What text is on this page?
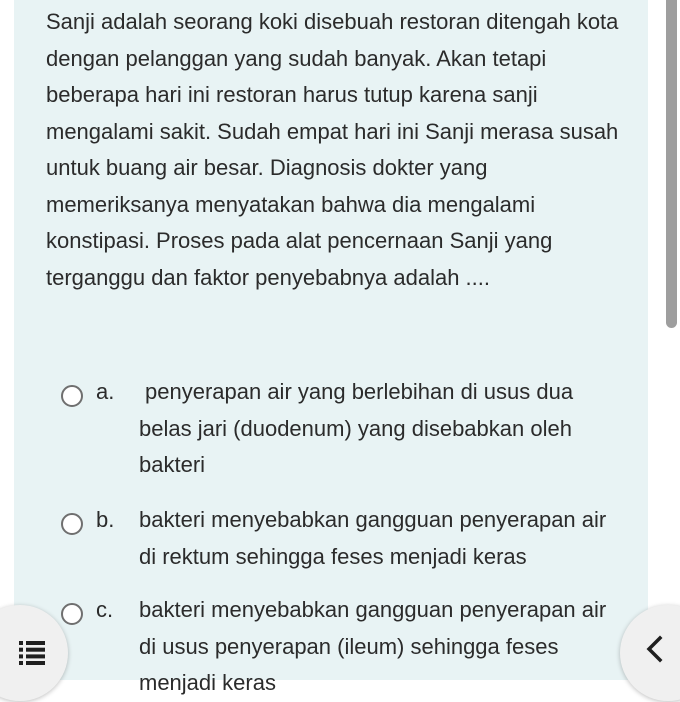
Sanji adalah seorang koki disebuah restoran ditengah kota dengan pelanggan yang sudah banyak. Akan tetapi beberapa hari ini restoran harus tutup karena sanji mengalami sakit. Sudah empat hari ini Sanji merasa susah untuk buang air besar. Diagnosis dokter yang memeriksanya menyatakan bahwa dia mengalami konstipasi. Proses pada alat pencernaan Sanji yang terganggu dan faktor penyebabnya adalah ....
a. penyerapan air yang berlebihan di usus dua belas jari (duodenum) yang disebabkan oleh bakteri
b. bakteri menyebabkan gangguan penyerapan air di rektum sehingga feses menjadi keras
c. bakteri menyebabkan gangguan penyerapan air di usus penyerapan (ileum) sehingga feses menjadi keras
